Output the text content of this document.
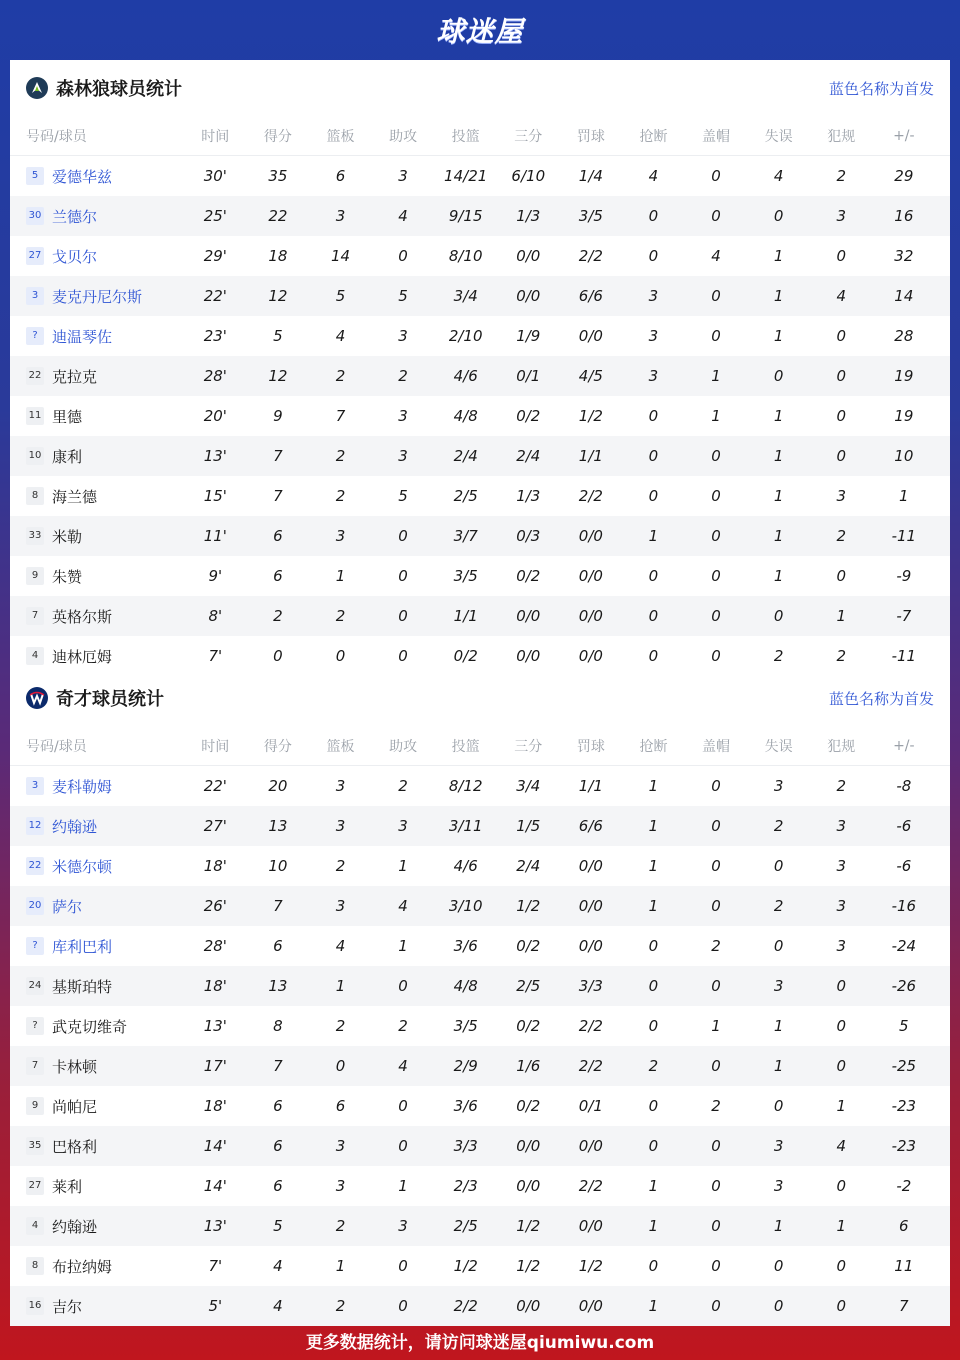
球迷屋
森林狼球员统计	蓝色名称为首发
号码/球员	时间	得分	篮板	助攻	投篮	三分	罚球	抢断	盖帽	失误	犯规	+/-
5 爱德华兹	30'	35	6	3	14/21	6/10	1/4	4	0	4	2	29
30 兰德尔	25'	22	3	4	9/15	1/3	3/5	0	0	0	3	16
27 戈贝尔	29'	18	14	0	8/10	0/0	2/2	0	4	1	0	32
3 麦克丹尼尔斯	22'	12	5	5	3/4	0/0	6/6	3	0	1	4	14
? 迪温琴佐	23'	5	4	3	2/10	1/9	0/0	3	0	1	0	28
22 克拉克	28'	12	2	2	4/6	0/1	4/5	3	1	0	0	19
11 里德	20'	9	7	3	4/8	0/2	1/2	0	1	1	0	19
10 康利	13'	7	2	3	2/4	2/4	1/1	0	0	1	0	10
8 海兰德	15'	7	2	5	2/5	1/3	2/2	0	0	1	3	1
33 米勒	11'	6	3	0	3/7	0/3	0/0	1	0	1	2	-11
9 朱赞	9'	6	1	0	3/5	0/2	0/0	0	0	1	0	-9
7 英格尔斯	8'	2	2	0	1/1	0/0	0/0	0	0	0	1	-7
4 迪林厄姆	7'	0	0	0	0/2	0/0	0/0	0	0	2	2	-11
奇才球员统计	蓝色名称为首发
号码/球员	时间	得分	篮板	助攻	投篮	三分	罚球	抢断	盖帽	失误	犯规	+/-
3 麦科勒姆	22'	20	3	2	8/12	3/4	1/1	1	0	3	2	-8
12 约翰逊	27'	13	3	3	3/11	1/5	6/6	1	0	2	3	-6
22 米德尔顿	18'	10	2	1	4/6	2/4	0/0	1	0	0	3	-6
20 萨尔	26'	7	3	4	3/10	1/2	0/0	1	0	2	3	-16
? 库利巴利	28'	6	4	1	3/6	0/2	0/0	0	2	0	3	-24
24 基斯珀特	18'	13	1	0	4/8	2/5	3/3	0	0	3	0	-26
? 武克切维奇	13'	8	2	2	3/5	0/2	2/2	0	1	1	0	5
7 卡林顿	17'	7	0	4	2/9	1/6	2/2	2	0	1	0	-25
9 尚帕尼	18'	6	6	0	3/6	0/2	0/1	0	2	0	1	-23
35 巴格利	14'	6	3	0	3/3	0/0	0/0	0	0	3	4	-23
27 莱利	14'	6	3	1	2/3	0/0	2/2	1	0	3	0	-2
4 约翰逊	13'	5	2	3	2/5	1/2	0/0	1	0	1	1	6
8 布拉纳姆	7'	4	1	0	1/2	1/2	1/2	0	0	0	0	11
16 吉尔	5'	4	2	0	2/2	0/0	0/0	1	0	0	0	7
更多数据统计，请访问球迷屋qiumiwu.com
